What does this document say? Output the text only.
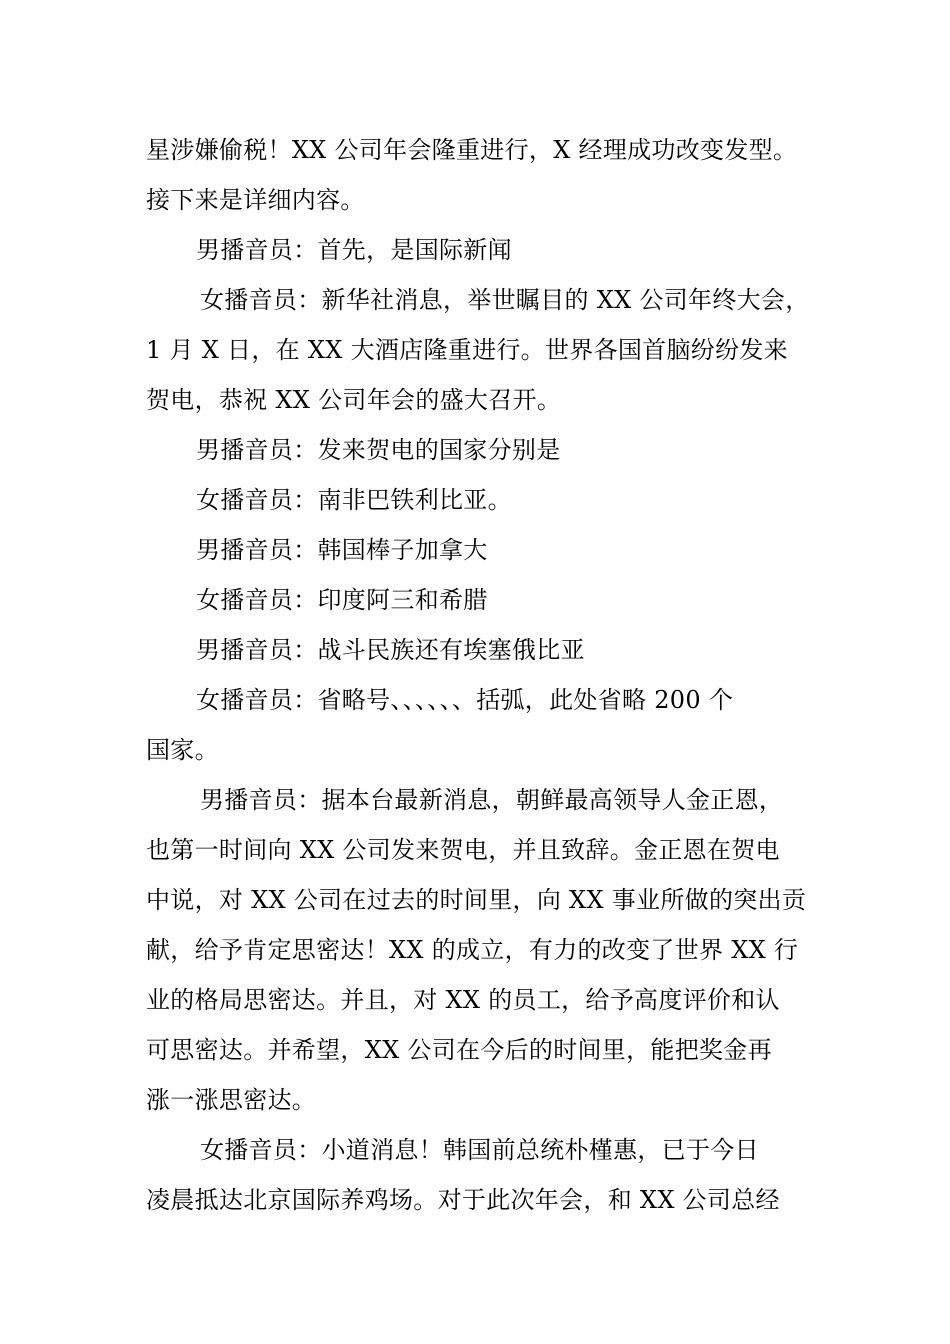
星涉嫌偷税！XX 公司年会隆重进行，X 经理成功改变发型。
接下来是详细内容。
男播音员：首先，是国际新闻
女播音员：新华社消息，举世瞩目的 XX 公司年终大会，
1 月 X 日，在 XX 大酒店隆重进行。世界各国首脑纷纷发来
贺电，恭祝 XX 公司年会的盛大召开。
男播音员：发来贺电的国家分别是
女播音员：南非巴铁利比亚。
男播音员：韩国棒子加拿大
女播音员：印度阿三和希腊
男播音员：战斗民族还有埃塞俄比亚
女播音员：省略号、、、、、、括弧，此处省略 200 个
国家。
男播音员：据本台最新消息，朝鲜最高领导人金正恩，
也第一时间向 XX 公司发来贺电，并且致辞。金正恩在贺电
中说，对 XX 公司在过去的时间里，向 XX 事业所做的突出贡
献，给予肯定思密达！XX 的成立，有力的改变了世界 XX 行
业的格局思密达。并且，对 XX 的员工，给予高度评价和认
可思密达。并希望，XX 公司在今后的时间里，能把奖金再
涨一涨思密达。
女播音员：小道消息！韩国前总统朴槿惠，已于今日
凌晨抵达北京国际养鸡场。对于此次年会，和 XX 公司总经
